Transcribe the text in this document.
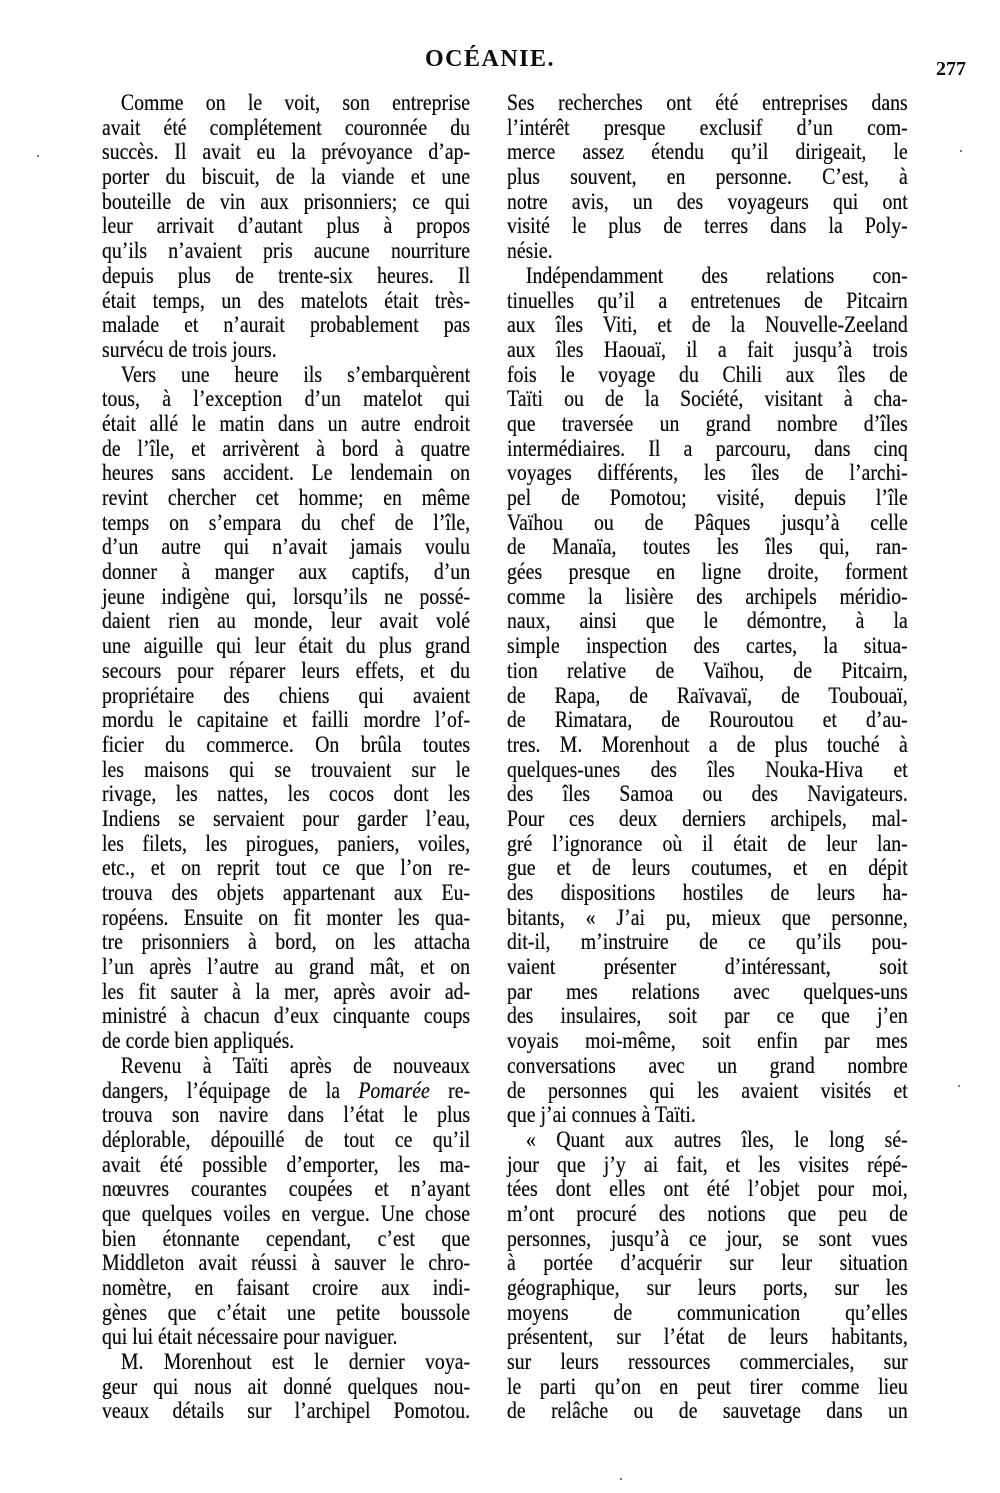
OCÉANIE.	277
Comme on le voit, son entreprise
avait été complétement couronnée du
succès. Il avait eu la prévoyance d’ap-
porter du biscuit, de la viande et une
bouteille de vin aux prisonniers; ce qui
leur arrivait d’autant plus à propos
qu’ils n’avaient pris aucune nourriture
depuis plus de trente-six heures. Il
était temps, un des matelots était très-
malade et n’aurait probablement pas
survécu de trois jours.
Vers une heure ils s’embarquèrent
tous, à l’exception d’un matelot qui
était allé le matin dans un autre endroit
de l’île, et arrivèrent à bord à quatre
heures sans accident. Le lendemain on
revint chercher cet homme; en même
temps on s’empara du chef de l’île,
d’un autre qui n’avait jamais voulu
donner à manger aux captifs, d’un
jeune indigène qui, lorsqu’ils ne possé-
daient rien au monde, leur avait volé
une aiguille qui leur était du plus grand
secours pour réparer leurs effets, et du
propriétaire des chiens qui avaient
mordu le capitaine et failli mordre l’of-
ficier du commerce. On brûla toutes
les maisons qui se trouvaient sur le
rivage, les nattes, les cocos dont les
Indiens se servaient pour garder l’eau,
les filets, les pirogues, paniers, voiles,
etc., et on reprit tout ce que l’on re-
trouva des objets appartenant aux Eu-
ropéens. Ensuite on fit monter les qua-
tre prisonniers à bord, on les attacha
l’un après l’autre au grand mât, et on
les fit sauter à la mer, après avoir ad-
ministré à chacun d’eux cinquante coups
de corde bien appliqués.
Revenu à Taïti après de nouveaux
dangers, l’équipage de la Pomarée re-
trouva son navire dans l’état le plus
déplorable, dépouillé de tout ce qu’il
avait été possible d’emporter, les ma-
nœuvres courantes coupées et n’ayant
que quelques voiles en vergue. Une chose
bien étonnante cependant, c’est que
Middleton avait réussi à sauver le chro-
nomètre, en faisant croire aux indi-
gènes que c’était une petite boussole
qui lui était nécessaire pour naviguer.
M. Morenhout est le dernier voya-
geur qui nous ait donné quelques nou-
veaux détails sur l’archipel Pomotou.
Ses recherches ont été entreprises dans
l’intérêt presque exclusif d’un com-
merce assez étendu qu’il dirigeait, le
plus souvent, en personne. C’est, à
notre avis, un des voyageurs qui ont
visité le plus de terres dans la Poly-
nésie.
Indépendamment des relations con-
tinuelles qu’il a entretenues de Pitcairn
aux îles Viti, et de la Nouvelle-Zeeland
aux îles Haouaï, il a fait jusqu’à trois
fois le voyage du Chili aux îles de
Taïti ou de la Société, visitant à cha-
que traversée un grand nombre d’îles
intermédiaires. Il a parcouru, dans cinq
voyages différents, les îles de l’archi-
pel de Pomotou; visité, depuis l’île
Vaïhou ou de Pâques jusqu’à celle
de Manaïa, toutes les îles qui, ran-
gées presque en ligne droite, forment
comme la lisière des archipels méridio-
naux, ainsi que le démontre, à la
simple inspection des cartes, la situa-
tion relative de Vaïhou, de Pitcairn,
de Rapa, de Raïvavaï, de Toubouaï,
de Rimatara, de Rouroutou et d’au-
tres. M. Morenhout a de plus touché à
quelques-unes des îles Nouka-Hiva et
des îles Samoa ou des Navigateurs.
Pour ces deux derniers archipels, mal-
gré l’ignorance où il était de leur lan-
gue et de leurs coutumes, et en dépit
des dispositions hostiles de leurs ha-
bitants, « J’ai pu, mieux que personne,
dit-il, m’instruire de ce qu’ils pou-
vaient présenter d’intéressant, soit
par mes relations avec quelques-uns
des insulaires, soit par ce que j’en
voyais moi-même, soit enfin par mes
conversations avec un grand nombre
de personnes qui les avaient visités et
que j’ai connues à Taïti.
« Quant aux autres îles, le long sé-
jour que j’y ai fait, et les visites répé-
tées dont elles ont été l’objet pour moi,
m’ont procuré des notions que peu de
personnes, jusqu’à ce jour, se sont vues
à portée d’acquérir sur leur situation
géographique, sur leurs ports, sur les
moyens de communication qu’elles
présentent, sur l’état de leurs habitants,
sur leurs ressources commerciales, sur
le parti qu’on en peut tirer comme lieu
de relâche ou de sauvetage dans un
